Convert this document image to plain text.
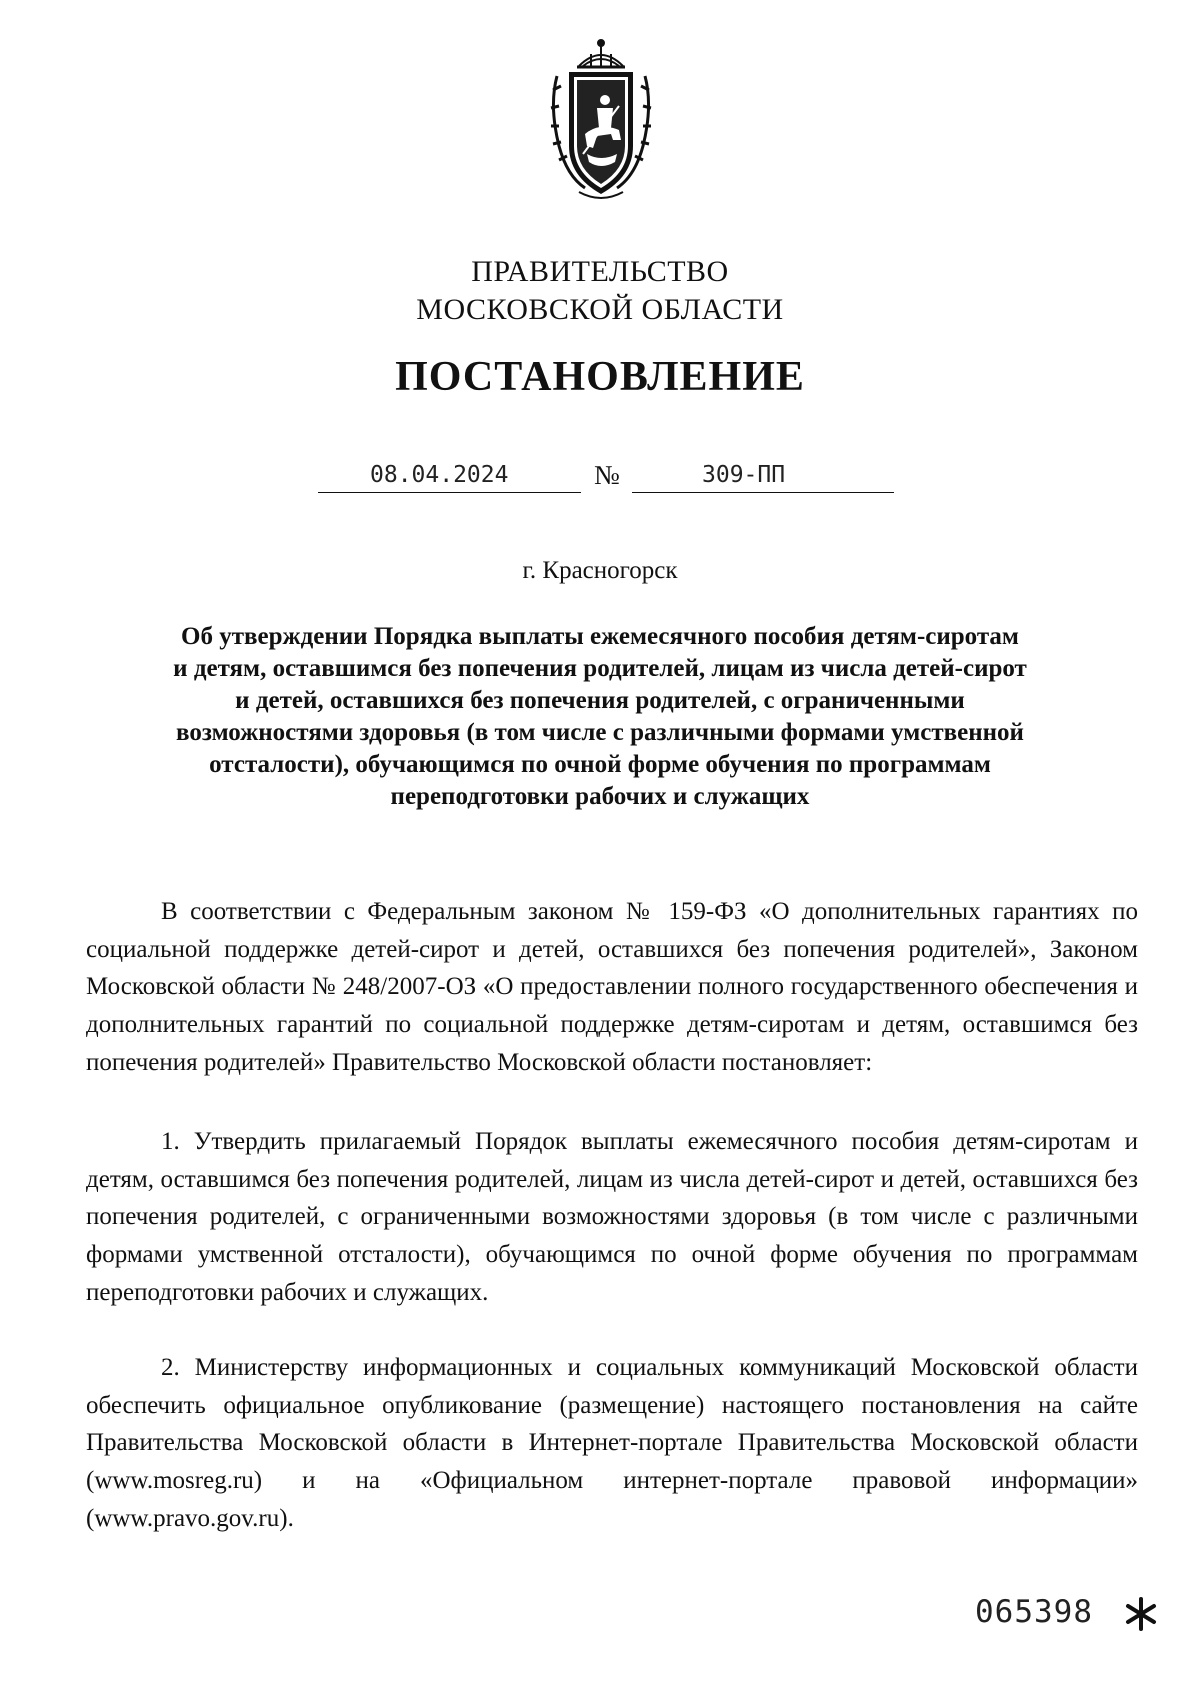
ПРАВИТЕЛЬСТВО
МОСКОВСКОЙ ОБЛАСТИ
ПОСТАНОВЛЕНИЕ
08.04.2024	№	309-ПП
г. Красногорск
Об утверждении Порядка выплаты ежемесячного пособия детям-сиротам
и детям, оставшимся без попечения родителей, лицам из числа детей-сирот
и детей, оставшихся без попечения родителей, с ограниченными
возможностями здоровья (в том числе с различными формами умственной
отсталости), обучающимся по очной форме обучения по программам
переподготовки рабочих и служащих

В соответствии с Федеральным законом № 159-ФЗ «О дополнительных гарантиях по социальной поддержке детей-сирот и детей, оставшихся без попечения родителей», Законом Московской области № 248/2007-ОЗ «О предоставлении полного государственного обеспечения и дополнительных гарантий по социальной поддержке детям-сиротам и детям, оставшимся без попечения родителей» Правительство Московской области постановляет:

1. Утвердить прилагаемый Порядок выплаты ежемесячного пособия детям-сиротам и детям, оставшимся без попечения родителей, лицам из числа детей-сирот и детей, оставшихся без попечения родителей, с ограниченными возможностями здоровья (в том числе с различными формами умственной отсталости), обучающимся по очной форме обучения по программам переподготовки рабочих и служащих.

2. Министерству информационных и социальных коммуникаций Московской области обеспечить официальное опубликование (размещение) настоящего постановления на сайте Правительства Московской области в Интернет-портале Правительства Московской области (www.mosreg.ru) и на «Официальном интернет-портале правовой информации» (www.pravo.gov.ru).

065398
